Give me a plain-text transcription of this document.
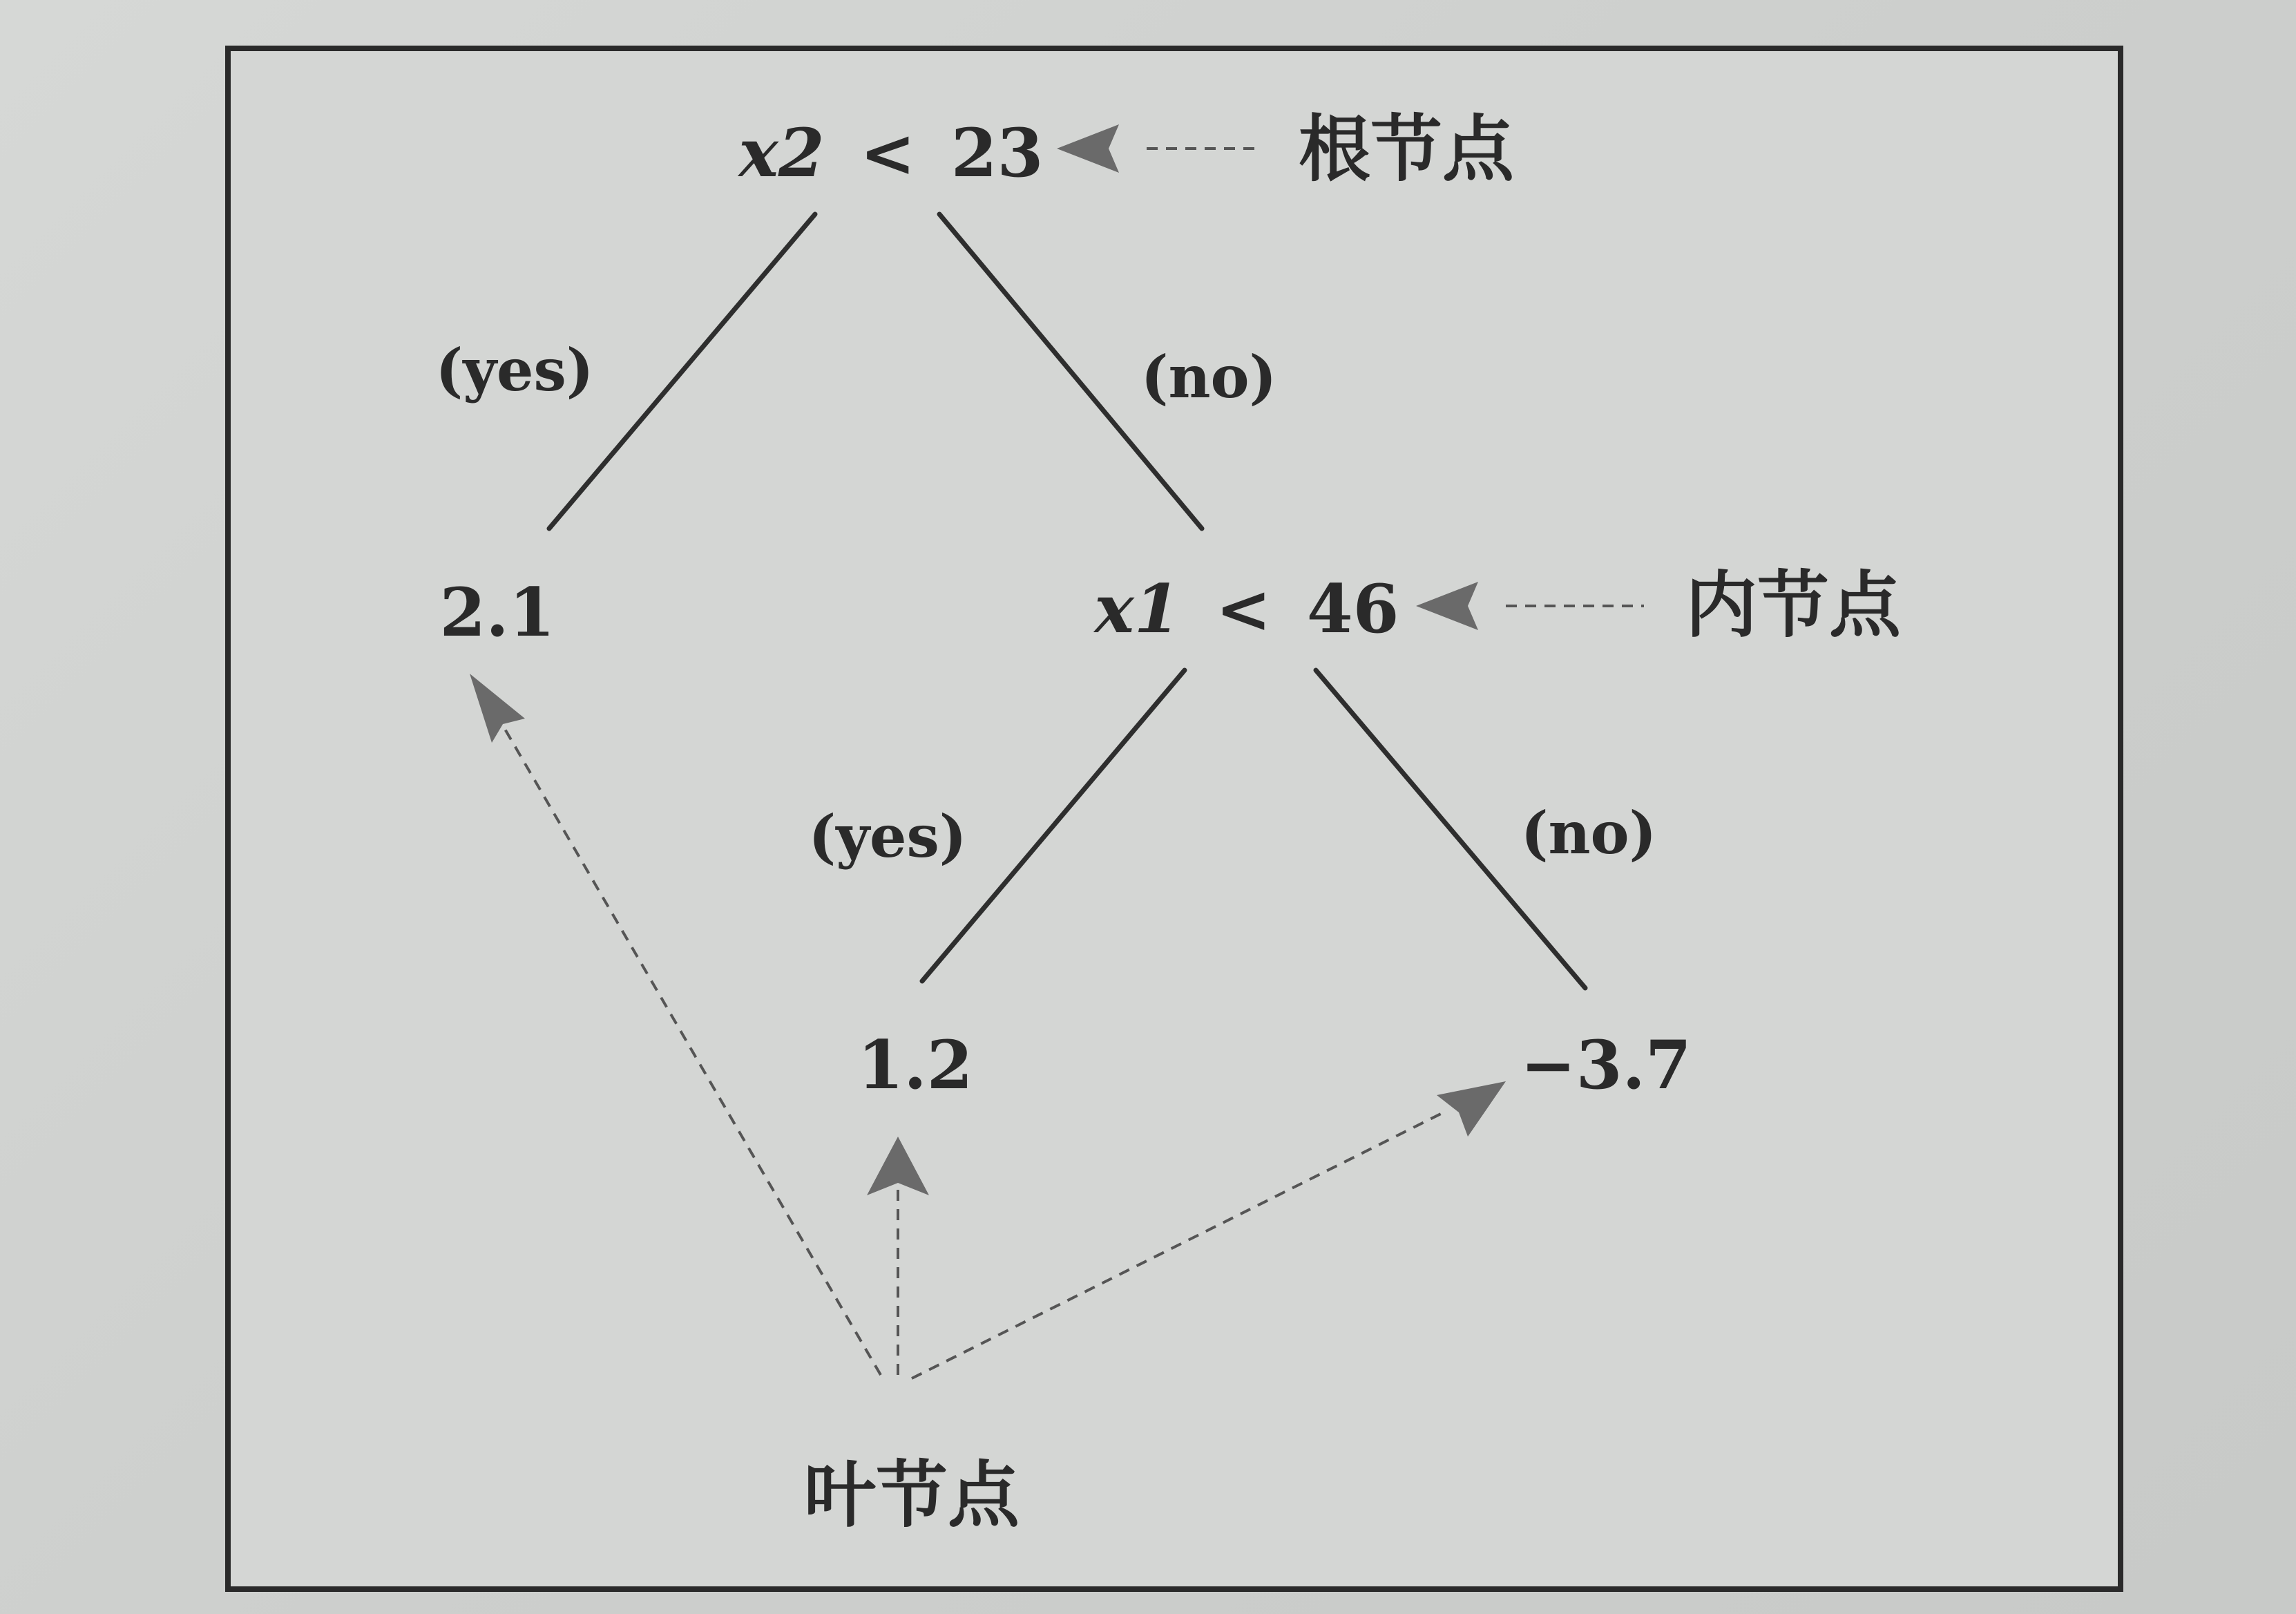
x2 < 23	根节点
(yes)	(no)
2.1	x1 < 46	内节点
(yes)	(no)
1.2	−3.7
叶节点
